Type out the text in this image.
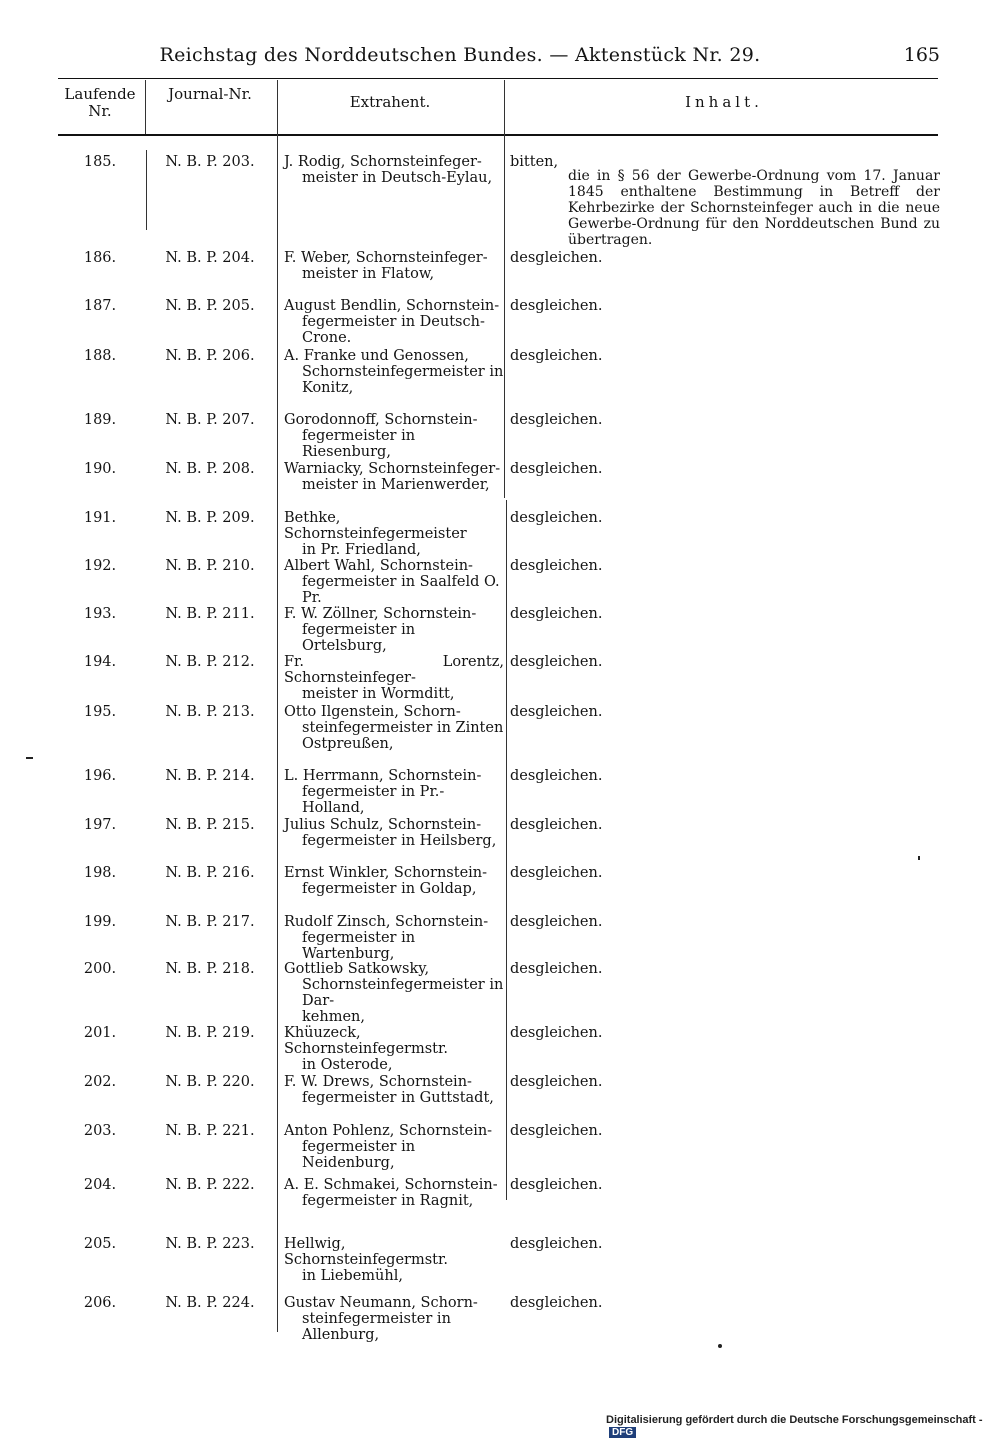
Reichstag des Norddeutschen Bundes. — Aktenstück Nr. 29.	165
Laufende Nr.
Journal-Nr.	Extrahent.	Inhalt.
185.	N. B. P. 203.	J. Rodig, Schornsteinfeger-
meister in Deutsch-Eylau,
bitten,
die in § 56 der Gewerbe-Ordnung vom 17. Januar 1845 enthaltene Bestimmung in Betreff der Kehrbezirke der Schornsteinfeger auch in die neue Gewerbe-Ordnung für den Norddeutschen Bund zu übertragen.
186.	N. B. P. 204.	F. Weber, Schornsteinfeger-
meister in Flatow,
desgleichen.
187.	N. B. P. 205.	August Bendlin, Schornstein-
fegermeister in Deutsch-Crone.
desgleichen.
188.	N. B. P. 206.	A. Franke und Genossen,
Schornsteinfegermeister in
Konitz,
desgleichen.
189.	N. B. P. 207.	Gorodonnoff, Schornstein-
fegermeister in Riesenburg,
desgleichen.
190.	N. B. P. 208.	Warniacky, Schornsteinfeger-
meister in Marienwerder,
desgleichen.
191.	N. B. P. 209.	Bethke, Schornsteinfegermeister
in Pr. Friedland,
desgleichen.
192.	N. B. P. 210.	Albert Wahl, Schornstein-
fegermeister in Saalfeld O. Pr.
desgleichen.
193.	N. B. P. 211.	F. W. Zöllner, Schornstein-
fegermeister in Ortelsburg,
desgleichen.
194.	N. B. P. 212.	Fr. Lorentz, Schornsteinfeger-
meister in Wormditt,
desgleichen.
195.	N. B. P. 213.	Otto Ilgenstein, Schorn-
steinfegermeister in Zinten
Ostpreußen,
desgleichen.
196.	N. B. P. 214.	L. Herrmann, Schornstein-
fegermeister in Pr.-Holland,
desgleichen.
197.	N. B. P. 215.	Julius Schulz, Schornstein-
fegermeister in Heilsberg,
desgleichen.
198.	N. B. P. 216.	Ernst Winkler, Schornstein-
fegermeister in Goldap,
desgleichen.
199.	N. B. P. 217.	Rudolf Zinsch, Schornstein-
fegermeister in Wartenburg,
desgleichen.
200.	N. B. P. 218.	Gottlieb Satkowsky,
Schornsteinfegermeister in Dar-
kehmen,
desgleichen.
201.	N. B. P. 219.	Khüuzeck, Schornsteinfegermstr.
in Osterode,
desgleichen.
202.	N. B. P. 220.	F. W. Drews, Schornstein-
fegermeister in Guttstadt,
desgleichen.
203.	N. B. P. 221.	Anton Pohlenz, Schornstein-
fegermeister in Neidenburg,
desgleichen.
204.	N. B. P. 222.	A. E. Schmakei, Schornstein-
fegermeister in Ragnit,
desgleichen.
205.	N. B. P. 223.	Hellwig, Schornsteinfegermstr.
in Liebemühl,
desgleichen.
206.	N. B. P. 224.	Gustav Neumann, Schorn-
steinfegermeister in Allenburg,
desgleichen.
Digitalisierung gefördert durch die Deutsche Forschungsgemeinschaft -DFG
